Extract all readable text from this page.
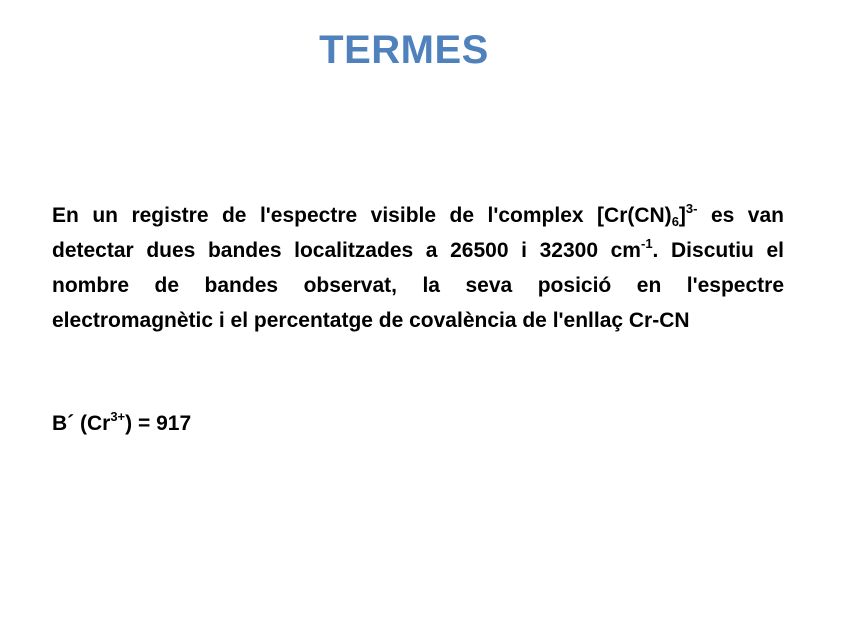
TERMES
En un registre de l'espectre visible de l'complex $[Cr(CN)_6]^{3-}$ es van detectar dues bandes localitzades a 26500 i 32300 $cm^{-1}$. Discutiu el nombre de bandes observat, la seva posició en l'espectre electromagnètic i el percentatge de covalència de l'enllaç Cr-CN
B´ $(Cr^{3+}) = 917$
